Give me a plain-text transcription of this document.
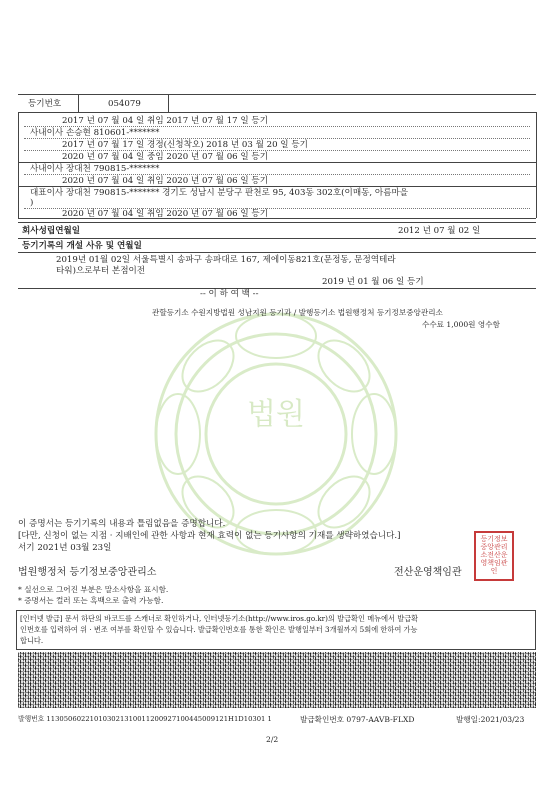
등기번호	054079
2017 년 07 월 04 일 취임 2017 년 07 월 17 일 등기
사내이사 손승현 810601-*******
2017 년 07 월 17 일 경정(신청착오) 2018 년 03 월 20 일 등기
2020 년 07 월 04 일 중임 2020 년 07 월 06 일 등기
사내이사 장대천 790815-*******
2020 년 07 월 04 일 취임 2020 년 07 월 06 일 등기
대표이사 장대천 790815-******* 경기도 성남시 분당구 판천로 95, 403동 302호(이매동, 아름마을
)
2020 년 07 월 04 일 취임 2020 년 07 월 06 일 등기
회사성립연월일	2012 년 07 월 02 일
등기기록의 개설 사유 및 연월일
2019년 01월 02일 서울특별시 송파구 송파대로 167, 제에이동821호(문정동, 문정역테라
타워)으로부터 본점이전
2019 년 01 월 06 일 등기
-- 이 하 여 백 --
법원
관할등기소 수원지방법원 성남지원 등기과 / 발행등기소 법원행정처 등기정보중앙관리소
수수료 1,000원 영수함
이 증명서는 등기기록의 내용과 틀림없음을 증명합니다.
[다만, 신청이 없는 지점 · 지배인에 관한 사항과 현재 효력이 없는 등기사항의 기재를 생략하였습니다.]
서기 2021년 03월 23일
법원행정처 등기정보중앙관리소	전산운영책임관
등기정보중앙관리소전산운영책임관인
* 실선으로 그어진 부분은 말소사항을 표시함.
* 증명서는 컬러 또는 흑백으로 출력 가능함.
[인터넷 발급] 문서 하단의 바코드를 스캐너로 확인하거나, 인터넷등기소(http://www.iros.go.kr)의 발급확인 메뉴에서 발급확
인번호를 입력하여 위 · 변조 여부를 확인할 수 있습니다. 발급확인번호를 통한 확인은 발행일부터 3개월까지 5회에 한하여 가능
합니다.
발행번호 113050602210103021310011200927100445009121H1D10301 1	발급확인번호 0797-AAVB-FLXD	발행일:2021/03/23
2/2
